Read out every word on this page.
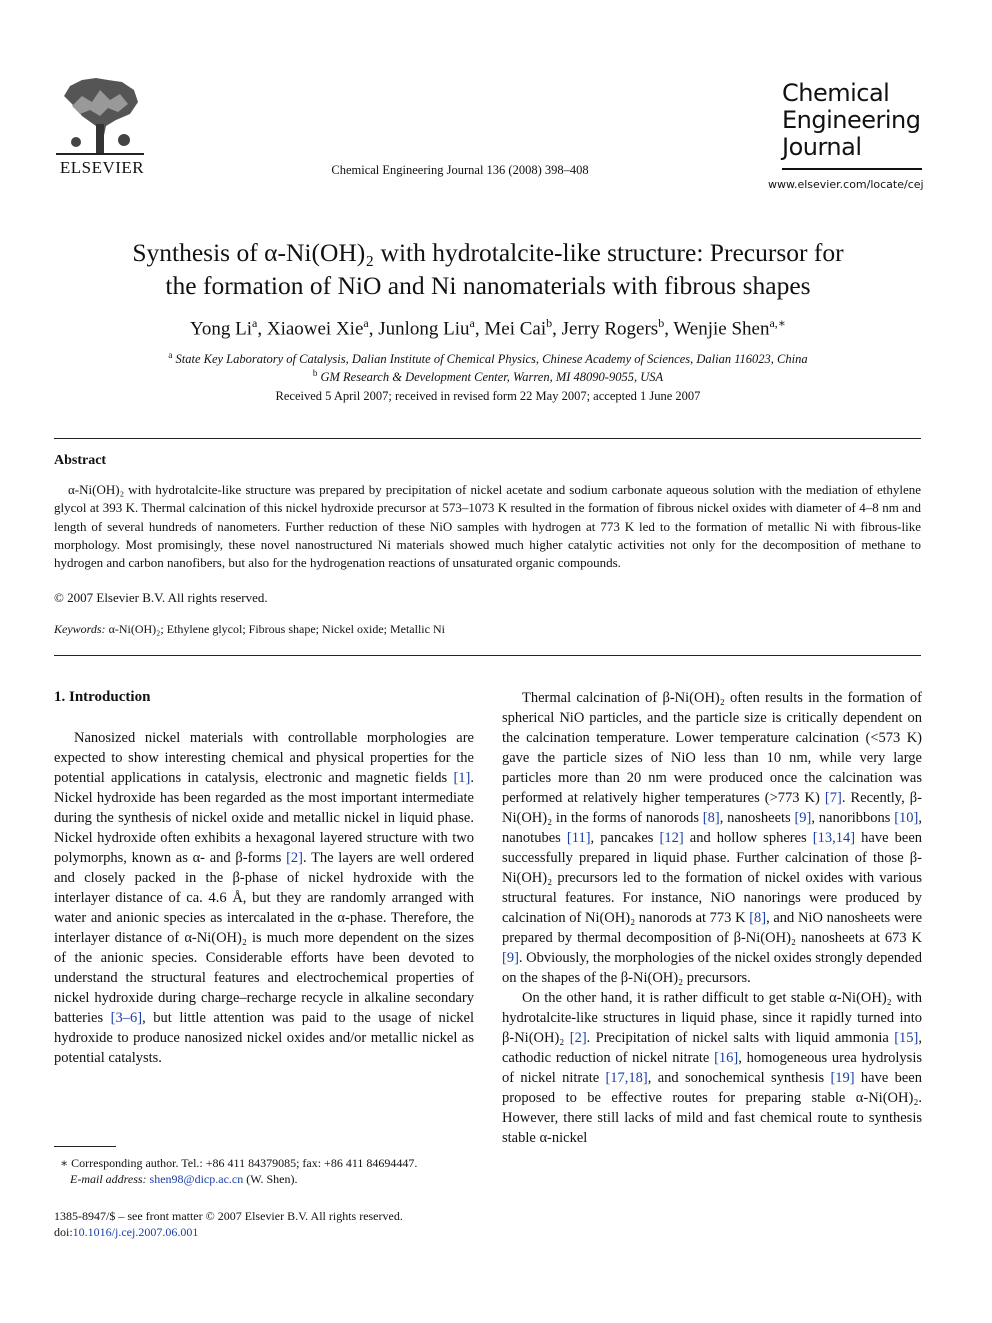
ELSEVIER	Chemical Engineering Journal 136 (2008) 398–408
Chemical
Engineering
Journal
www.elsevier.com/locate/cej
Synthesis of α-Ni(OH)₂ with hydrotalcite-like structure: Precursor for
the formation of NiO and Ni nanomaterials with fibrous shapes
Yong Li$^a$, Xiaowei Xie$^a$, Junlong Liu$^a$, Mei Cai$^b$, Jerry Rogers$^b$, Wenjie Shen$^{a,∗}$
$^a$ State Key Laboratory of Catalysis, Dalian Institute of Chemical Physics, Chinese Academy of Sciences, Dalian 116023, China
$^b$ GM Research & Development Center, Warren, MI 48090-9055, USA
Received 5 April 2007; received in revised form 22 May 2007; accepted 1 June 2007
Abstract
α-Ni(OH)₂ with hydrotalcite-like structure was prepared by precipitation of nickel acetate and sodium carbonate aqueous solution with the mediation of ethylene glycol at 393 K. Thermal calcination of this nickel hydroxide precursor at 573–1073 K resulted in the formation of fibrous nickel oxides with diameter of 4–8 nm and length of several hundreds of nanometers. Further reduction of these NiO samples with hydrogen at 773 K led to the formation of metallic Ni with fibrous-like morphology. Most promisingly, these novel nanostructured Ni materials showed much higher catalytic activities not only for the decomposition of methane to hydrogen and carbon nanofibers, but also for the hydrogenation reactions of unsaturated organic compounds.
© 2007 Elsevier B.V. All rights reserved.
Keywords: α-Ni(OH)₂; Ethylene glycol; Fibrous shape; Nickel oxide; Metallic Ni
1. Introduction

Nanosized nickel materials with controllable morphologies are expected to show interesting chemical and physical properties for the potential applications in catalysis, electronic and magnetic fields [1]. Nickel hydroxide has been regarded as the most important intermediate during the synthesis of nickel oxide and metallic nickel in liquid phase. Nickel hydroxide often exhibits a hexagonal layered structure with two polymorphs, known as α- and β-forms [2]. The layers are well ordered and closely packed in the β-phase of nickel hydroxide with the interlayer distance of ca. 4.6 Å, but they are randomly arranged with water and anionic species as intercalated in the α-phase. Therefore, the interlayer distance of α-Ni(OH)₂ is much more dependent on the sizes of the anionic species. Considerable efforts have been devoted to understand the structural features and electrochemical properties of nickel hydroxide during charge–recharge recycle in alkaline secondary batteries [3–6], but little attention was paid to the usage of nickel hydroxide to produce nanosized nickel oxides and/or metallic nickel as potential catalysts.

Thermal calcination of β-Ni(OH)₂ often results in the formation of spherical NiO particles, and the particle size is critically dependent on the calcination temperature. Lower temperature calcination (<573 K) gave the particle sizes of NiO less than 10 nm, while very large particles more than 20 nm were produced once the calcination was performed at relatively higher temperatures (>773 K) [7]. Recently, β-Ni(OH)₂ in the forms of nanorods [8], nanosheets [9], nanoribbons [10], nanotubes [11], pancakes [12] and hollow spheres [13,14] have been successfully prepared in liquid phase. Further calcination of those β-Ni(OH)₂ precursors led to the formation of nickel oxides with various structural features. For instance, NiO nanorings were produced by calcination of Ni(OH)₂ nanorods at 773 K [8], and NiO nanosheets were prepared by thermal decomposition of β-Ni(OH)₂ nanosheets at 673 K [9]. Obviously, the morphologies of the nickel oxides strongly depended on the shapes of the β-Ni(OH)₂ precursors.

On the other hand, it is rather difficult to get stable α-Ni(OH)₂ with hydrotalcite-like structures in liquid phase, since it rapidly turned into β-Ni(OH)₂ [2]. Precipitation of nickel salts with liquid ammonia [15], cathodic reduction of nickel nitrate [16], homogeneous urea hydrolysis of nickel nitrate [17,18], and sonochemical synthesis [19] have been proposed to be effective routes for preparing stable α-Ni(OH)₂. However, there still lacks of mild and fast chemical route to synthesis stable α-nickel

∗ Corresponding author. Tel.: +86 411 84379085; fax: +86 411 84694447.
E-mail address: shen98@dicp.ac.cn (W. Shen).
1385-8947/$ – see front matter © 2007 Elsevier B.V. All rights reserved.
doi:10.1016/j.cej.2007.06.001
